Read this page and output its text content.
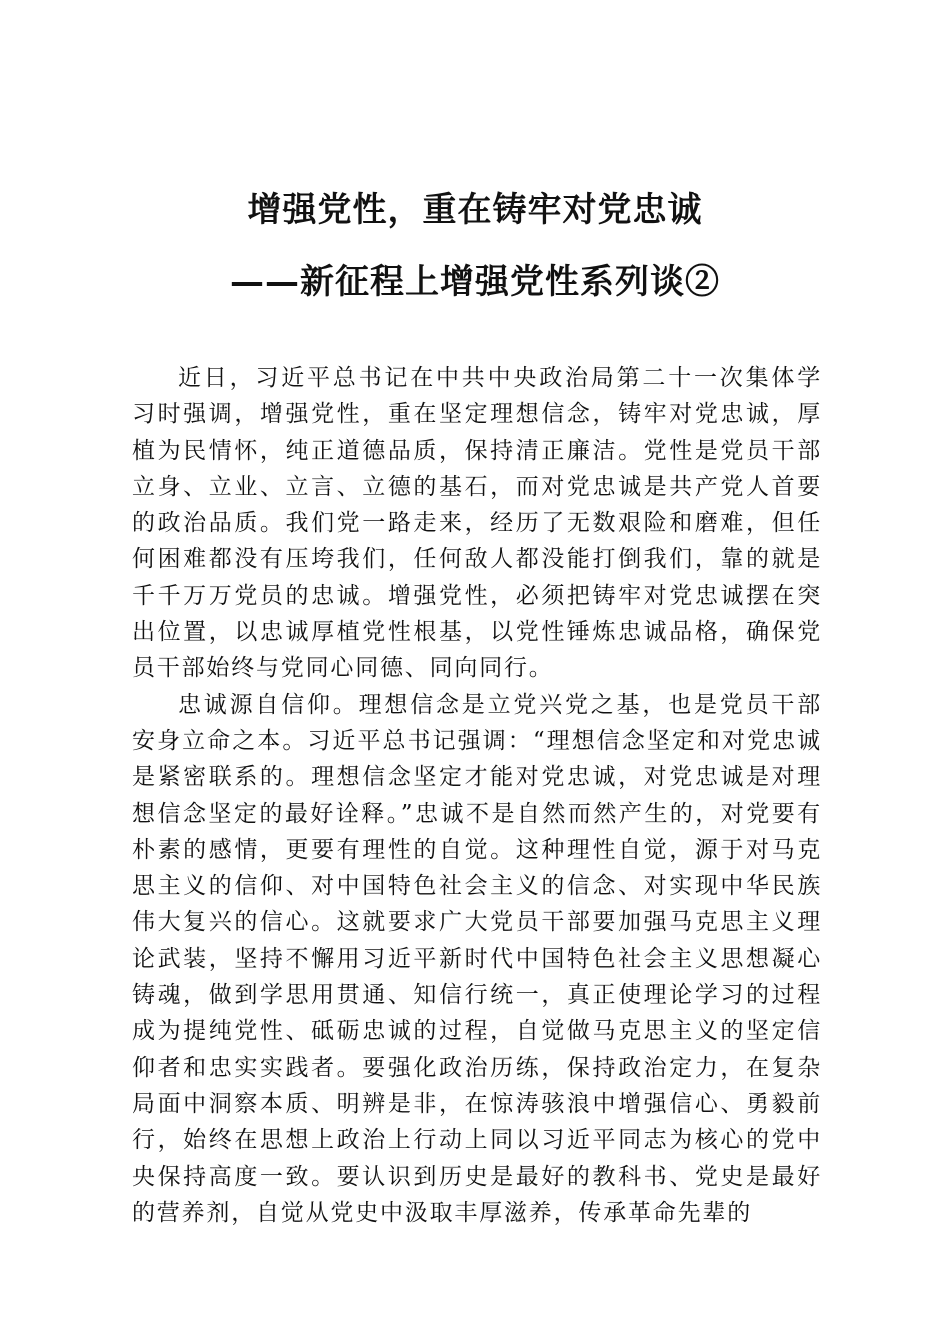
增强党性，重在铸牢对党忠诚
——新征程上增强党性系列谈②

近日，习近平总书记在中共中央政治局第二十一次集体学习时强调，增强党性，重在坚定理想信念，铸牢对党忠诚，厚植为民情怀，纯正道德品质，保持清正廉洁。党性是党员干部立身、立业、立言、立德的基石，而对党忠诚是共产党人首要的政治品质。我们党一路走来，经历了无数艰险和磨难，但任何困难都没有压垮我们，任何敌人都没能打倒我们，靠的就是千千万万党员的忠诚。增强党性，必须把铸牢对党忠诚摆在突出位置，以忠诚厚植党性根基，以党性锤炼忠诚品格，确保党员干部始终与党同心同德、同向同行。

忠诚源自信仰。理想信念是立党兴党之基，也是党员干部安身立命之本。习近平总书记强调：“理想信念坚定和对党忠诚是紧密联系的。理想信念坚定才能对党忠诚，对党忠诚是对理想信念坚定的最好诠释。”忠诚不是自然而然产生的，对党要有朴素的感情，更要有理性的自觉。这种理性自觉，源于对马克思主义的信仰、对中国特色社会主义的信念、对实现中华民族伟大复兴的信心。这就要求广大党员干部要加强马克思主义理论武装，坚持不懈用习近平新时代中国特色社会主义思想凝心铸魂，做到学思用贯通、知信行统一，真正使理论学习的过程成为提纯党性、砥砺忠诚的过程，自觉做马克思主义的坚定信仰者和忠实实践者。要强化政治历练，保持政治定力，在复杂局面中洞察本质、明辨是非，在惊涛骇浪中增强信心、勇毅前行，始终在思想上政治上行动上同以习近平同志为核心的党中央保持高度一致。要认识到历史是最好的教科书、党史是最好的营养剂，自觉从党史中汲取丰厚滋养，传承革命先辈的
